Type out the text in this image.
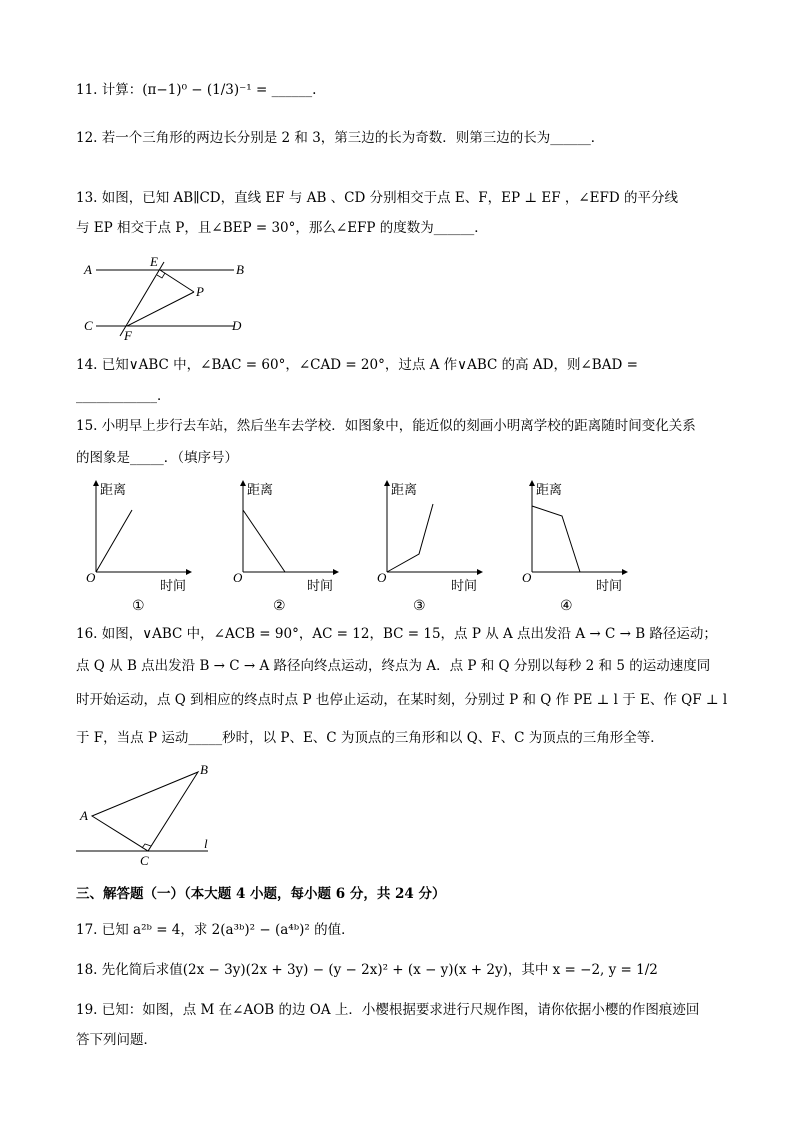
11. 计算：(π−1)⁰ − (1/3)⁻¹ = ______.
12. 若一个三角形的两边长分别是 2 和 3，第三边的长为奇数．则第三边的长为______．
13. 如图，已知 AB∥CD，直线 EF 与 AB 、CD 分别相交于点 E、F，EP ⊥ EF ，∠EFD 的平分线
与 EP 相交于点 P，且∠BEP = 30°，那么∠EFP 的度数为______．
A	B
C	D
E
F
P
14. 已知∨ABC 中，∠BAC = 60°，∠CAD = 20°，过点 A 作∨ABC 的高 AD，则∠BAD =
____________．
15. 小明早上步行去车站，然后坐车去学校．如图象中，能近似的刻画小明离学校的距离随时间变化关系
的图象是_____．（填序号）
距离
时间
O
①
距离
时间
O
②
距离
时间
O
③
距离
时间
O
④
16. 如图，∨ABC 中，∠ACB = 90°，AC = 12，BC = 15，点 P 从 A 点出发沿 A → C → B 路径运动；
点 Q 从 B 点出发沿 B → C → A 路径向终点运动，终点为 A．点 P 和 Q 分别以每秒 2 和 5 的运动速度同
时开始运动，点 Q 到相应的终点时点 P 也停止运动，在某时刻，分别过 P 和 Q 作 PE ⊥ l 于 E、作 QF ⊥ l
于 F，当点 P 运动_____秒时，以 P、E、C 为顶点的三角形和以 Q、F、C 为顶点的三角形全等．
A
B
C
l
三、解答题（一）（本大题 4 小题，每小题 6 分，共 24 分）
17. 已知 a²ᵇ = 4，求 2(a³ᵇ)² − (a⁴ᵇ)² 的值．
18. 先化简后求值(2x − 3y)(2x + 3y) − (y − 2x)² + (x − y)(x + 2y)，其中 x = −2, y = 1/2
19. 已知：如图，点 M 在∠AOB 的边 OA 上．小樱根据要求进行尺规作图，请你依据小樱的作图痕迹回
答下列问题．
